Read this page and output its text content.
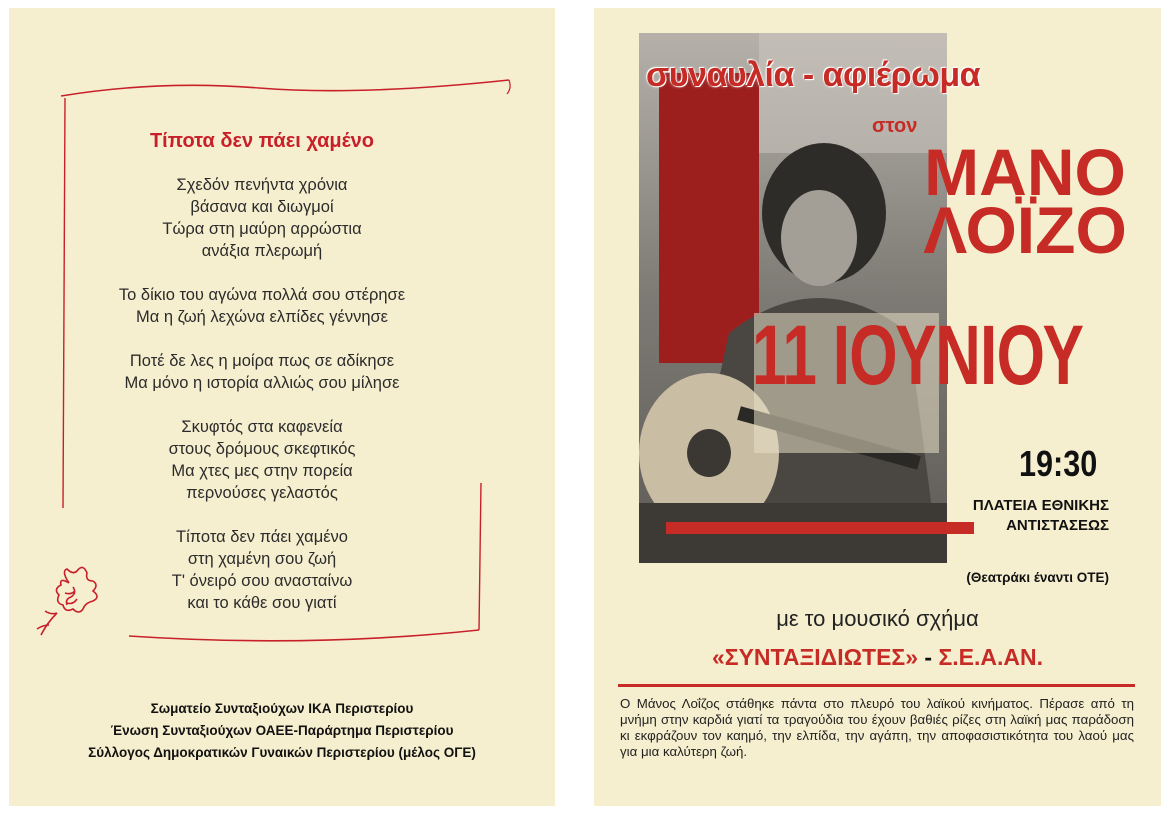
Τίποτα δεν πάει χαμένο
Σχεδόν πενήντα χρόνια
βάσανα και διωγμοί
Τώρα στη μαύρη αρρώστια
ανάξια πλερωμή
Το δίκιο του αγώνα πολλά σου στέρησε
Μα η ζωή λεχώνα ελπίδες γέννησε
Ποτέ δε λες η μοίρα πως σε αδίκησε
Μα μόνο η ιστορία αλλιώς σου μίλησε
Σκυφτός στα καφενεία
στους δρόμους σκεφτικός
Μα χτες μες στην πορεία
περνούσες γελαστός
Τίποτα δεν πάει χαμένο
στη χαμένη σου ζωή
Τ' όνειρό σου ανασταίνω
και το κάθε σου γιατί
Σωματείο Συνταξιούχων ΙΚΑ Περιστερίου
Ένωση Συνταξιούχων ΟΑΕΕ-Παράρτημα Περιστερίου
Σύλλογος Δημοκρατικών Γυναικών Περιστερίου (μέλος ΟΓΕ)
συναυλία - αφιέρωμα
στον
ΜΑΝΟ
ΛΟΪΖΟ
11 ΙΟΥΝΙΟΥ
19:30
ΠΛΑΤΕΙΑ ΕΘΝΙΚΗΣ
ΑΝΤΙΣΤΑΣΕΩΣ
(Θεατράκι έναντι ΟΤΕ)
με το μουσικό σχήμα
«ΣΥΝΤΑΞΙΔΙΩΤΕΣ» - Σ.Ε.Α.ΑΝ.
Ο Μάνος Λοΐζος στάθηκε πάντα στο πλευρό του λαϊκού κινήματος. Πέρασε από τη μνήμη στην καρδιά γιατί τα τραγούδια του έχουν βαθιές ρίζες στη λαϊκή μας παράδοση κι εκφράζουν τον καημό, την ελπίδα, την αγάπη, την αποφασιστικότητα του λαού μας για μια καλύτερη ζωή.
